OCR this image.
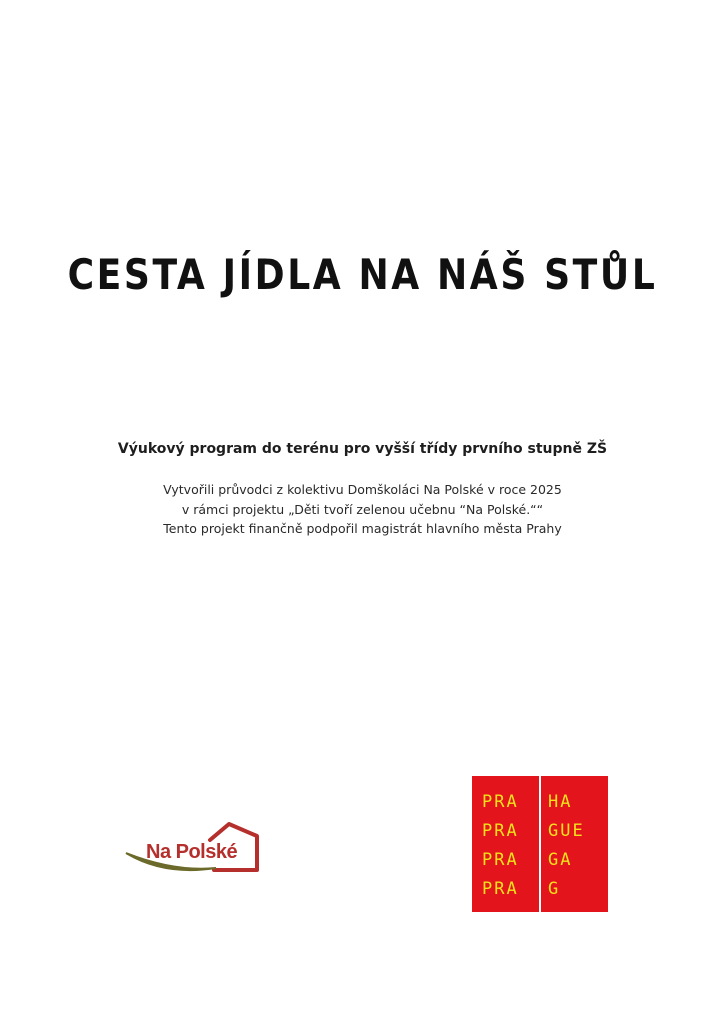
CESTA JÍDLA NA NÁŠ STŮL
Výukový program do terénu pro vyšší třídy prvního stupně ZŠ
Vytvořili průvodci z kolektivu Domškoláci Na Polské v roce 2025
v rámci projektu „Děti tvoří zelenou učebnu “Na Polské.““
Tento projekt finančně podpořil magistrát hlavního města Prahy
Na Polské
PRA
PRA
PRA
PRA
HA
GUE
GA
G
